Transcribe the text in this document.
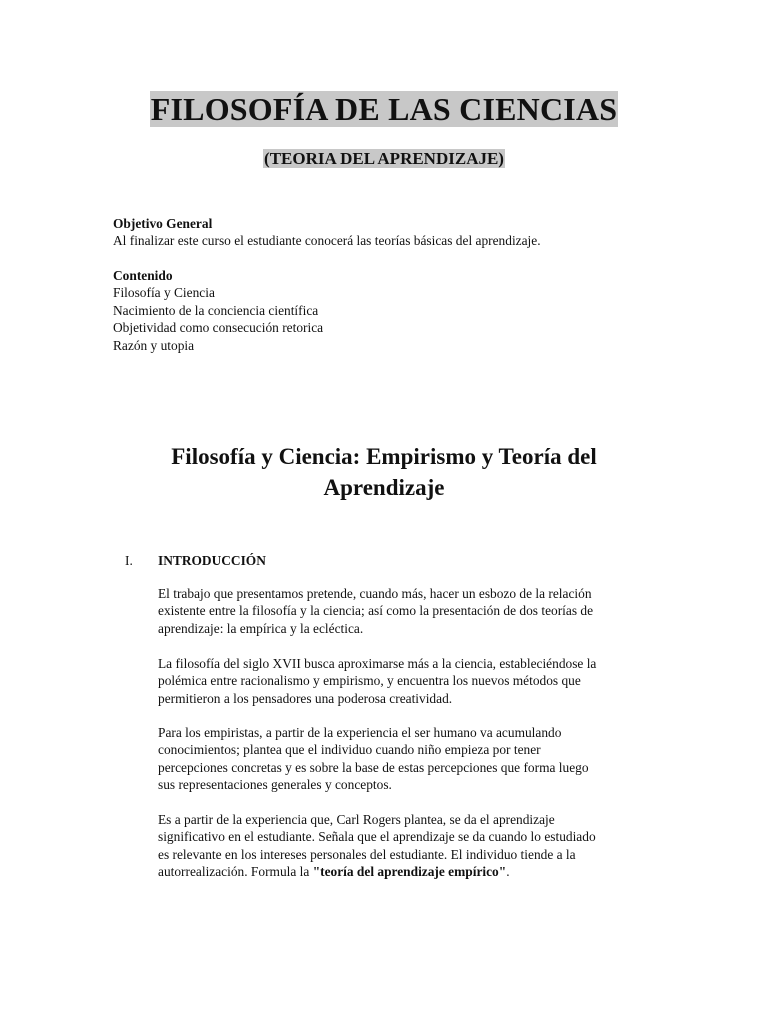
FILOSOFÍA DE LAS CIENCIAS
(TEORIA DEL APRENDIZAJE)
Objetivo General
Al finalizar este curso el estudiante conocerá las teorías básicas del aprendizaje.
Contenido
Filosofía y Ciencia
Nacimiento de la conciencia científica
Objetividad como consecución retorica
Razón y utopia
Filosofía y Ciencia: Empirismo y Teoría del
Aprendizaje
I. INTRODUCCIÓN
El trabajo que presentamos pretende, cuando más, hacer un esbozo de la relación
existente entre la filosofía y la ciencia; así como la presentación de dos teorías de
aprendizaje: la empírica y la ecléctica.
La filosofía del siglo XVII busca aproximarse más a la ciencia, estableciéndose la
polémica entre racionalismo y empirismo, y encuentra los nuevos métodos que
permitieron a los pensadores una poderosa creatividad.
Para los empiristas, a partir de la experiencia el ser humano va acumulando
conocimientos; plantea que el individuo cuando niño empieza por tener
percepciones concretas y es sobre la base de estas percepciones que forma luego
sus representaciones generales y conceptos.
Es a partir de la experiencia que, Carl Rogers plantea, se da el aprendizaje
significativo en el estudiante. Señala que el aprendizaje se da cuando lo estudiado
es relevante en los intereses personales del estudiante. El individuo tiende a la
autorrealización. Formula la "teoría del aprendizaje empírico".
